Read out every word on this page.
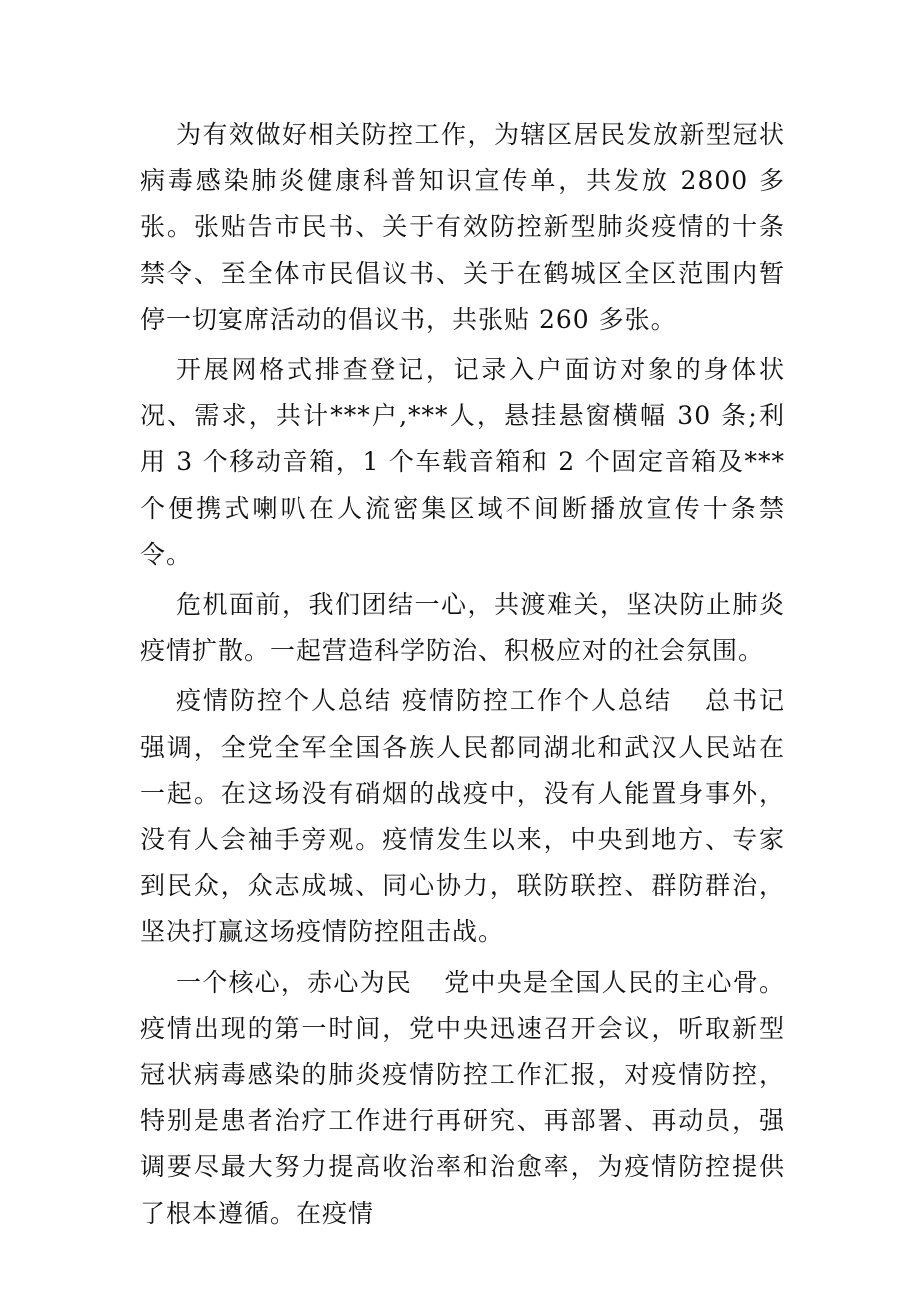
为有效做好相关防控工作，为辖区居民发放新型冠状病毒感染肺炎健康科普知识宣传单，共发放 2800 多张。张贴告市民书、关于有效防控新型肺炎疫情的十条禁令、至全体市民倡议书、关于在鹤城区全区范围内暂停一切宴席活动的倡议书，共张贴 260 多张。

开展网格式排查登记，记录入户面访对象的身体状况、需求，共计***户,***人，悬挂悬窗横幅 30 条;利用 3 个移动音箱，1 个车载音箱和 2 个固定音箱及***个便携式喇叭在人流密集区域不间断播放宣传十条禁令。

危机面前，我们团结一心，共渡难关，坚决防止肺炎疫情扩散。一起营造科学防治、积极应对的社会氛围。

疫情防控个人总结 疫情防控工作个人总结 总书记强调，全党全军全国各族人民都同湖北和武汉人民站在一起。在这场没有硝烟的战疫中，没有人能置身事外，没有人会袖手旁观。疫情发生以来，中央到地方、专家到民众，众志成城、同心协力，联防联控、群防群治，坚决打赢这场疫情防控阻击战。

一个核心，赤心为民 党中央是全国人民的主心骨。疫情出现的第一时间，党中央迅速召开会议，听取新型冠状病毒感染的肺炎疫情防控工作汇报，对疫情防控，特别是患者治疗工作进行再研究、再部署、再动员，强调要尽最大努力提高收治率和治愈率，为疫情防控提供了根本遵循。在疫情
